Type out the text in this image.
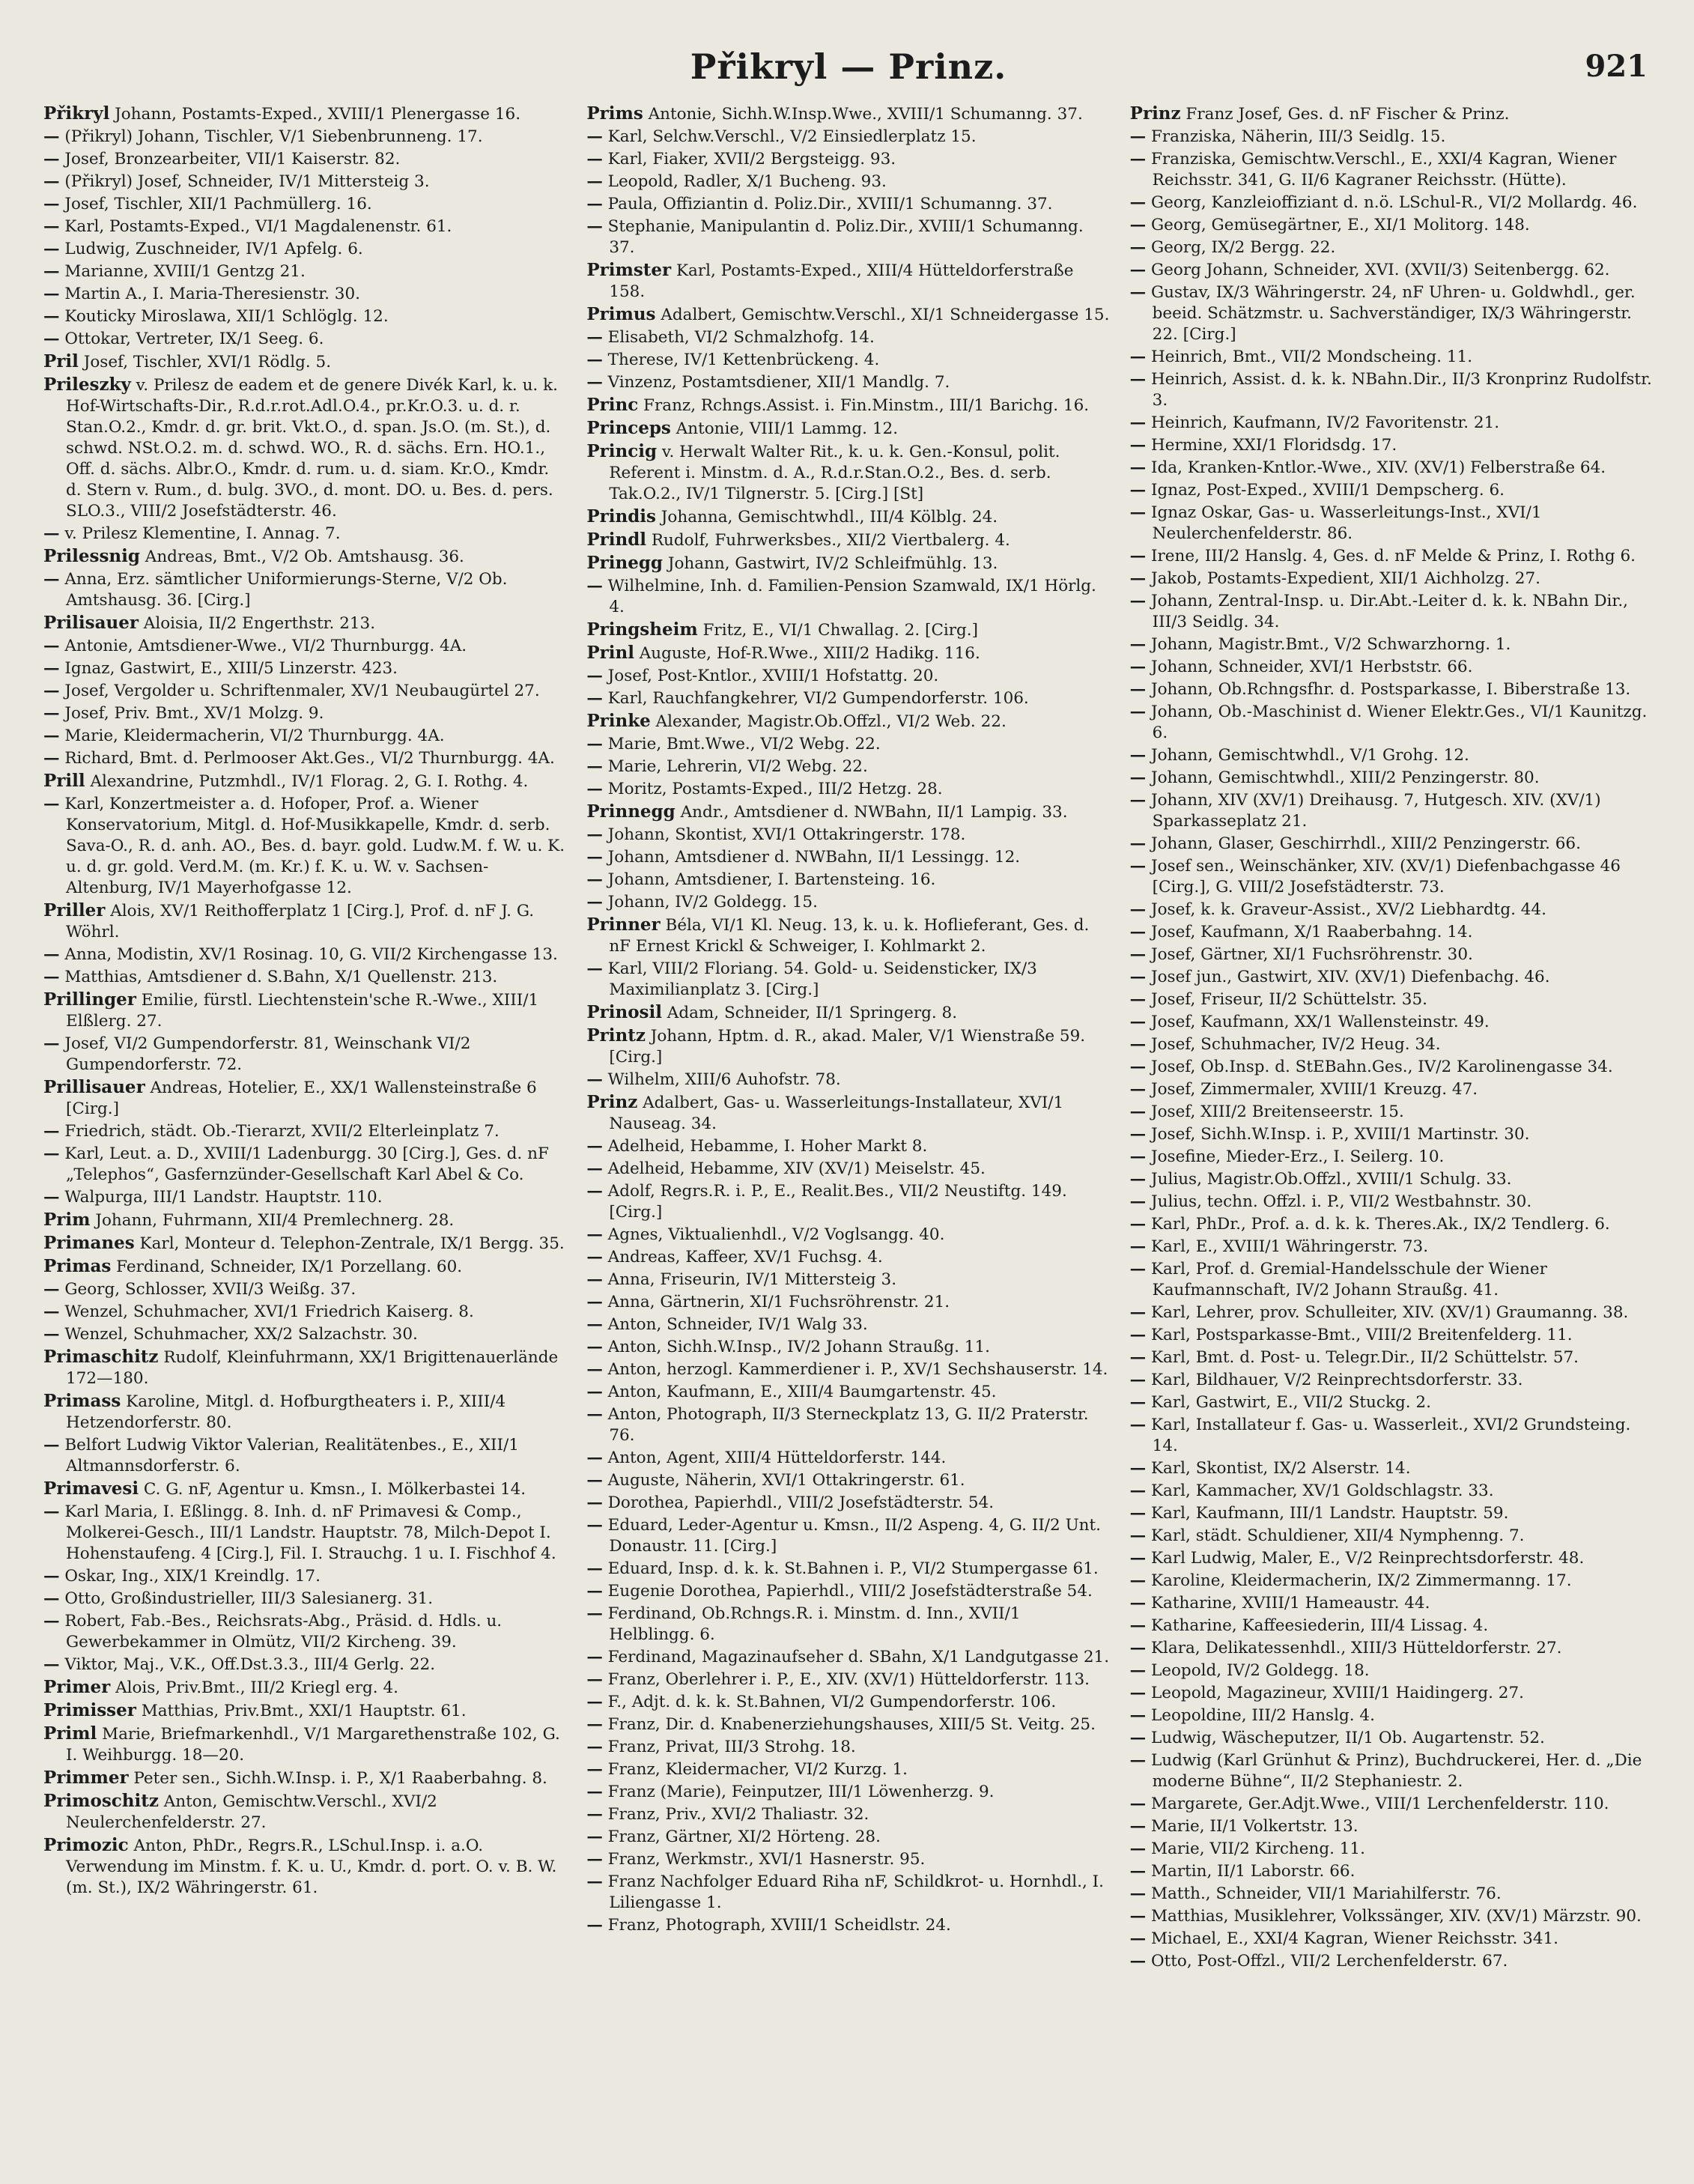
Přikryl — Prinz.	921
Přikryl Johann, Postamts-Exped., XVIII/1 Plenergasse 16.
— (Přikryl) Johann, Tischler, V/1 Siebenbrunneng. 17.
— Josef, Bronzearbeiter, VII/1 Kaiserstr. 82.
— (Přikryl) Josef, Schneider, IV/1 Mittersteig 3.
— Josef, Tischler, XII/1 Pachmüllerg. 16.
— Karl, Postamts-Exped., VI/1 Magdalenenstr. 61.
— Ludwig, Zuschneider, IV/1 Apfelg. 6.
— Marianne, XVIII/1 Gentzg 21.
— Martin A., I. Maria-Theresienstr. 30.
— Kouticky Miroslawa, XII/1 Schlöglg. 12.
— Ottokar, Vertreter, IX/1 Seeg. 6.
Pril Josef, Tischler, XVI/1 Rödlg. 5.
Prileszky v. Prilesz de eadem et de genere Divék Karl, k. u. k. Hof-Wirtschafts-Dir., R.d.r.rot.Adl.O.4., pr.Kr.O.3. u. d. r. Stan.O.2., Kmdr. d. gr. brit. Vkt.O., d. span. Js.O. (m. St.), d. schwd. NSt.O.2. m. d. schwd. WO., R. d. sächs. Ern. HO.1., Off. d. sächs. Albr.O., Kmdr. d. rum. u. d. siam. Kr.O., Kmdr. d. Stern v. Rum., d. bulg. 3VO., d. mont. DO. u. Bes. d. pers. SLO.3., VIII/2 Josefstädterstr. 46.
— v. Prilesz Klementine, I. Annag. 7.
Prilessnig Andreas, Bmt., V/2 Ob. Amtshausg. 36.
— Anna, Erz. sämtlicher Uniformierungs-Sterne, V/2 Ob. Amtshausg. 36. [Cirg.]
Prilisauer Aloisia, II/2 Engerthstr. 213.
— Antonie, Amtsdiener-Wwe., VI/2 Thurnburgg. 4A.
— Ignaz, Gastwirt, E., XIII/5 Linzerstr. 423.
— Josef, Vergolder u. Schriftenmaler, XV/1 Neubaugürtel 27.
— Josef, Priv. Bmt., XV/1 Molzg. 9.
— Marie, Kleidermacherin, VI/2 Thurnburgg. 4A.
— Richard, Bmt. d. Perlmooser Akt.Ges., VI/2 Thurnburgg. 4A.
Prill Alexandrine, Putzmhdl., IV/1 Florag. 2, G. I. Rothg. 4.
— Karl, Konzertmeister a. d. Hofoper, Prof. a. Wiener Konservatorium, Mitgl. d. Hof-Musikkapelle, Kmdr. d. serb. Sava-O., R. d. anh. AO., Bes. d. bayr. gold. Ludw.M. f. W. u. K. u. d. gr. gold. Verd.M. (m. Kr.) f. K. u. W. v. Sachsen-Altenburg, IV/1 Mayerhofgasse 12.
Priller Alois, XV/1 Reithofferplatz 1 [Cirg.], Prof. d. nF J. G. Wöhrl.
— Anna, Modistin, XV/1 Rosinag. 10, G. VII/2 Kirchengasse 13.
— Matthias, Amtsdiener d. S.Bahn, X/1 Quellenstr. 213.
Prillinger Emilie, fürstl. Liechtenstein'sche R.-Wwe., XIII/1 Elßlerg. 27.
— Josef, VI/2 Gumpendorferstr. 81, Weinschank VI/2 Gumpendorferstr. 72.
Prillisauer Andreas, Hotelier, E., XX/1 Wallensteinstraße 6 [Cirg.]
— Friedrich, städt. Ob.-Tierarzt, XVII/2 Elterleinplatz 7.
— Karl, Leut. a. D., XVIII/1 Ladenburgg. 30 [Cirg.], Ges. d. nF „Telephos“, Gasfernzünder-Gesellschaft Karl Abel & Co.
— Walpurga, III/1 Landstr. Hauptstr. 110.
Prim Johann, Fuhrmann, XII/4 Premlechnerg. 28.
Primanes Karl, Monteur d. Telephon-Zentrale, IX/1 Bergg. 35.
Primas Ferdinand, Schneider, IX/1 Porzellang. 60.
— Georg, Schlosser, XVII/3 Weißg. 37.
— Wenzel, Schuhmacher, XVI/1 Friedrich Kaiserg. 8.
— Wenzel, Schuhmacher, XX/2 Salzachstr. 30.
Primaschitz Rudolf, Kleinfuhrmann, XX/1 Brigittenauerlände 172—180.
Primass Karoline, Mitgl. d. Hofburgtheaters i. P., XIII/4 Hetzendorferstr. 80.
— Belfort Ludwig Viktor Valerian, Realitätenbes., E., XII/1 Altmannsdorferstr. 6.
Primavesi C. G. nF, Agentur u. Kmsn., I. Mölkerbastei 14.
— Karl Maria, I. Eßlingg. 8. Inh. d. nF Primavesi & Comp., Molkerei-Gesch., III/1 Landstr. Hauptstr. 78, Milch-Depot I. Hohenstaufeng. 4 [Cirg.], Fil. I. Strauchg. 1 u. I. Fischhof 4.
— Oskar, Ing., XIX/1 Kreindlg. 17.
— Otto, Großindustrieller, III/3 Salesianerg. 31.
— Robert, Fab.-Bes., Reichsrats-Abg., Präsid. d. Hdls. u. Gewerbekammer in Olmütz, VII/2 Kircheng. 39.
— Viktor, Maj., V.K., Off.Dst.3.3., III/4 Gerlg. 22.
Primer Alois, Priv.Bmt., III/2 Kriegl erg. 4.
Primisser Matthias, Priv.Bmt., XXI/1 Hauptstr. 61.
Priml Marie, Briefmarkenhdl., V/1 Margarethenstraße 102, G. I. Weihburgg. 18—20.
Primmer Peter sen., Sichh.W.Insp. i. P., X/1 Raaberbahng. 8.
Primoschitz Anton, Gemischtw.Verschl., XVI/2 Neulerchenfelderstr. 27.
Primozic Anton, PhDr., Regrs.R., LSchul.Insp. i. a.O. Verwendung im Minstm. f. K. u. U., Kmdr. d. port. O. v. B. W. (m. St.), IX/2 Währingerstr. 61.
Prims Antonie, Sichh.W.Insp.Wwe., XVIII/1 Schumanng. 37.
— Karl, Selchw.Verschl., V/2 Einsiedlerplatz 15.
— Karl, Fiaker, XVII/2 Bergsteigg. 93.
— Leopold, Radler, X/1 Bucheng. 93.
— Paula, Offiziantin d. Poliz.Dir., XVIII/1 Schumanng. 37.
— Stephanie, Manipulantin d. Poliz.Dir., XVIII/1 Schumanng. 37.
Primster Karl, Postamts-Exped., XIII/4 Hütteldorferstraße 158.
Primus Adalbert, Gemischtw.Verschl., XI/1 Schneidergasse 15.
— Elisabeth, VI/2 Schmalzhofg. 14.
— Therese, IV/1 Kettenbrückeng. 4.
— Vinzenz, Postamtsdiener, XII/1 Mandlg. 7.
Princ Franz, Rchngs.Assist. i. Fin.Minstm., III/1 Barichg. 16.
Princeps Antonie, VIII/1 Lammg. 12.
Princig v. Herwalt Walter Rit., k. u. k. Gen.-Konsul, polit. Referent i. Minstm. d. A., R.d.r.Stan.O.2., Bes. d. serb. Tak.O.2., IV/1 Tilgnerstr. 5. [Cirg.] [St]
Prindis Johanna, Gemischtwhdl., III/4 Kölblg. 24.
Prindl Rudolf, Fuhrwerksbes., XII/2 Viertbalerg. 4.
Prinegg Johann, Gastwirt, IV/2 Schleifmühlg. 13.
— Wilhelmine, Inh. d. Familien-Pension Szamwald, IX/1 Hörlg. 4.
Pringsheim Fritz, E., VI/1 Chwallag. 2. [Cirg.]
Prinl Auguste, Hof-R.Wwe., XIII/2 Hadikg. 116.
— Josef, Post-Kntlor., XVIII/1 Hofstattg. 20.
— Karl, Rauchfangkehrer, VI/2 Gumpendorferstr. 106.
Prinke Alexander, Magistr.Ob.Offzl., VI/2 Web. 22.
— Marie, Bmt.Wwe., VI/2 Webg. 22.
— Marie, Lehrerin, VI/2 Webg. 22.
— Moritz, Postamts-Exped., III/2 Hetzg. 28.
Prinnegg Andr., Amtsdiener d. NWBahn, II/1 Lampig. 33.
— Johann, Skontist, XVI/1 Ottakringerstr. 178.
— Johann, Amtsdiener d. NWBahn, II/1 Lessingg. 12.
— Johann, Amtsdiener, I. Bartensteing. 16.
— Johann, IV/2 Goldegg. 15.
Prinner Béla, VI/1 Kl. Neug. 13, k. u. k. Hoflieferant, Ges. d. nF Ernest Krickl & Schweiger, I. Kohlmarkt 2.
— Karl, VIII/2 Floriang. 54. Gold- u. Seidensticker, IX/3 Maximilianplatz 3. [Cirg.]
Prinosil Adam, Schneider, II/1 Springerg. 8.
Printz Johann, Hptm. d. R., akad. Maler, V/1 Wienstraße 59. [Cirg.]
— Wilhelm, XIII/6 Auhofstr. 78.
Prinz Adalbert, Gas- u. Wasserleitungs-Installateur, XVI/1 Nauseag. 34.
— Adelheid, Hebamme, I. Hoher Markt 8.
— Adelheid, Hebamme, XIV (XV/1) Meiselstr. 45.
— Adolf, Regrs.R. i. P., E., Realit.Bes., VII/2 Neustiftg. 149. [Cirg.]
— Agnes, Viktualienhdl., V/2 Voglsangg. 40.
— Andreas, Kaffeer, XV/1 Fuchsg. 4.
— Anna, Friseurin, IV/1 Mittersteig 3.
— Anna, Gärtnerin, XI/1 Fuchsröhrenstr. 21.
— Anton, Schneider, IV/1 Walg 33.
— Anton, Sichh.W.Insp., IV/2 Johann Straußg. 11.
— Anton, herzogl. Kammerdiener i. P., XV/1 Sechshauserstr. 14.
— Anton, Kaufmann, E., XIII/4 Baumgartenstr. 45.
— Anton, Photograph, II/3 Sterneckplatz 13, G. II/2 Praterstr. 76.
— Anton, Agent, XIII/4 Hütteldorferstr. 144.
— Auguste, Näherin, XVI/1 Ottakringerstr. 61.
— Dorothea, Papierhdl., VIII/2 Josefstädterstr. 54.
— Eduard, Leder-Agentur u. Kmsn., II/2 Aspeng. 4, G. II/2 Unt. Donaustr. 11. [Cirg.]
— Eduard, Insp. d. k. k. St.Bahnen i. P., VI/2 Stumpergasse 61.
— Eugenie Dorothea, Papierhdl., VIII/2 Josefstädterstraße 54.
— Ferdinand, Ob.Rchngs.R. i. Minstm. d. Inn., XVII/1 Helblingg. 6.
— Ferdinand, Magazinaufseher d. SBahn, X/1 Landgutgasse 21.
— Franz, Oberlehrer i. P., E., XIV. (XV/1) Hütteldorferstr. 113.
— F., Adjt. d. k. k. St.Bahnen, VI/2 Gumpendorferstr. 106.
— Franz, Dir. d. Knabenerziehungshauses, XIII/5 St. Veitg. 25.
— Franz, Privat, III/3 Strohg. 18.
— Franz, Kleidermacher, VI/2 Kurzg. 1.
— Franz (Marie), Feinputzer, III/1 Löwenherzg. 9.
— Franz, Priv., XVI/2 Thaliastr. 32.
— Franz, Gärtner, XI/2 Hörteng. 28.
— Franz, Werkmstr., XVI/1 Hasnerstr. 95.
— Franz Nachfolger Eduard Riha nF, Schildkrot- u. Hornhdl., I. Liliengasse 1.
— Franz, Photograph, XVIII/1 Scheidlstr. 24.
Prinz Franz Josef, Ges. d. nF Fischer & Prinz.
— Franziska, Näherin, III/3 Seidlg. 15.
— Franziska, Gemischtw.Verschl., E., XXI/4 Kagran, Wiener Reichsstr. 341, G. II/6 Kagraner Reichsstr. (Hütte).
— Georg, Kanzleioffiziant d. n.ö. LSchul-R., VI/2 Mollardg. 46.
— Georg, Gemüsegärtner, E., XI/1 Molitorg. 148.
— Georg, IX/2 Bergg. 22.
— Georg Johann, Schneider, XVI. (XVII/3) Seitenbergg. 62.
— Gustav, IX/3 Währingerstr. 24, nF Uhren- u. Goldwhdl., ger. beeid. Schätzmstr. u. Sachverständiger, IX/3 Währingerstr. 22. [Cirg.]
— Heinrich, Bmt., VII/2 Mondscheing. 11.
— Heinrich, Assist. d. k. k. NBahn.Dir., II/3 Kronprinz Rudolfstr. 3.
— Heinrich, Kaufmann, IV/2 Favoritenstr. 21.
— Hermine, XXI/1 Floridsdg. 17.
— Ida, Kranken-Kntlor.-Wwe., XIV. (XV/1) Felberstraße 64.
— Ignaz, Post-Exped., XVIII/1 Dempscherg. 6.
— Ignaz Oskar, Gas- u. Wasserleitungs-Inst., XVI/1 Neulerchenfelderstr. 86.
— Irene, III/2 Hanslg. 4, Ges. d. nF Melde & Prinz, I. Rothg 6.
— Jakob, Postamts-Expedient, XII/1 Aichholzg. 27.
— Johann, Zentral-Insp. u. Dir.Abt.-Leiter d. k. k. NBahn Dir., III/3 Seidlg. 34.
— Johann, Magistr.Bmt., V/2 Schwarzhorng. 1.
— Johann, Schneider, XVI/1 Herbststr. 66.
— Johann, Ob.Rchngsfhr. d. Postsparkasse, I. Biberstraße 13.
— Johann, Ob.-Maschinist d. Wiener Elektr.Ges., VI/1 Kaunitzg. 6.
— Johann, Gemischtwhdl., V/1 Grohg. 12.
— Johann, Gemischtwhdl., XIII/2 Penzingerstr. 80.
— Johann, XIV (XV/1) Dreihausg. 7, Hutgesch. XIV. (XV/1) Sparkasseplatz 21.
— Johann, Glaser, Geschirrhdl., XIII/2 Penzingerstr. 66.
— Josef sen., Weinschänker, XIV. (XV/1) Diefenbachgasse 46 [Cirg.], G. VIII/2 Josefstädterstr. 73.
— Josef, k. k. Graveur-Assist., XV/2 Liebhardtg. 44.
— Josef, Kaufmann, X/1 Raaberbahng. 14.
— Josef, Gärtner, XI/1 Fuchsröhrenstr. 30.
— Josef jun., Gastwirt, XIV. (XV/1) Diefenbachg. 46.
— Josef, Friseur, II/2 Schüttelstr. 35.
— Josef, Kaufmann, XX/1 Wallensteinstr. 49.
— Josef, Schuhmacher, IV/2 Heug. 34.
— Josef, Ob.Insp. d. StEBahn.Ges., IV/2 Karolinengasse 34.
— Josef, Zimmermaler, XVIII/1 Kreuzg. 47.
— Josef, XIII/2 Breitenseerstr. 15.
— Josef, Sichh.W.Insp. i. P., XVIII/1 Martinstr. 30.
— Josefine, Mieder-Erz., I. Seilerg. 10.
— Julius, Magistr.Ob.Offzl., XVIII/1 Schulg. 33.
— Julius, techn. Offzl. i. P., VII/2 Westbahnstr. 30.
— Karl, PhDr., Prof. a. d. k. k. Theres.Ak., IX/2 Tendlerg. 6.
— Karl, E., XVIII/1 Währingerstr. 73.
— Karl, Prof. d. Gremial-Handelsschule der Wiener Kaufmannschaft, IV/2 Johann Straußg. 41.
— Karl, Lehrer, prov. Schulleiter, XIV. (XV/1) Graumanng. 38.
— Karl, Postsparkasse-Bmt., VIII/2 Breitenfelderg. 11.
— Karl, Bmt. d. Post- u. Telegr.Dir., II/2 Schüttelstr. 57.
— Karl, Bildhauer, V/2 Reinprechtsdorferstr. 33.
— Karl, Gastwirt, E., VII/2 Stuckg. 2.
— Karl, Installateur f. Gas- u. Wasserleit., XVI/2 Grundsteing. 14.
— Karl, Skontist, IX/2 Alserstr. 14.
— Karl, Kammacher, XV/1 Goldschlagstr. 33.
— Karl, Kaufmann, III/1 Landstr. Hauptstr. 59.
— Karl, städt. Schuldiener, XII/4 Nymphenng. 7.
— Karl Ludwig, Maler, E., V/2 Reinprechtsdorferstr. 48.
— Karoline, Kleidermacherin, IX/2 Zimmermanng. 17.
— Katharine, XVIII/1 Hameaustr. 44.
— Katharine, Kaffeesiederin, III/4 Lissag. 4.
— Klara, Delikatessenhdl., XIII/3 Hütteldorferstr. 27.
— Leopold, IV/2 Goldegg. 18.
— Leopold, Magazineur, XVIII/1 Haidingerg. 27.
— Leopoldine, III/2 Hanslg. 4.
— Ludwig, Wäscheputzer, II/1 Ob. Augartenstr. 52.
— Ludwig (Karl Grünhut & Prinz), Buchdruckerei, Her. d. „Die moderne Bühne“, II/2 Stephaniestr. 2.
— Margarete, Ger.Adjt.Wwe., VIII/1 Lerchenfelderstr. 110.
— Marie, II/1 Volkertstr. 13.
— Marie, VII/2 Kircheng. 11.
— Martin, II/1 Laborstr. 66.
— Matth., Schneider, VII/1 Mariahilferstr. 76.
— Matthias, Musiklehrer, Volkssänger, XIV. (XV/1) Märzstr. 90.
— Michael, E., XXI/4 Kagran, Wiener Reichsstr. 341.
— Otto, Post-Offzl., VII/2 Lerchenfelderstr. 67.
